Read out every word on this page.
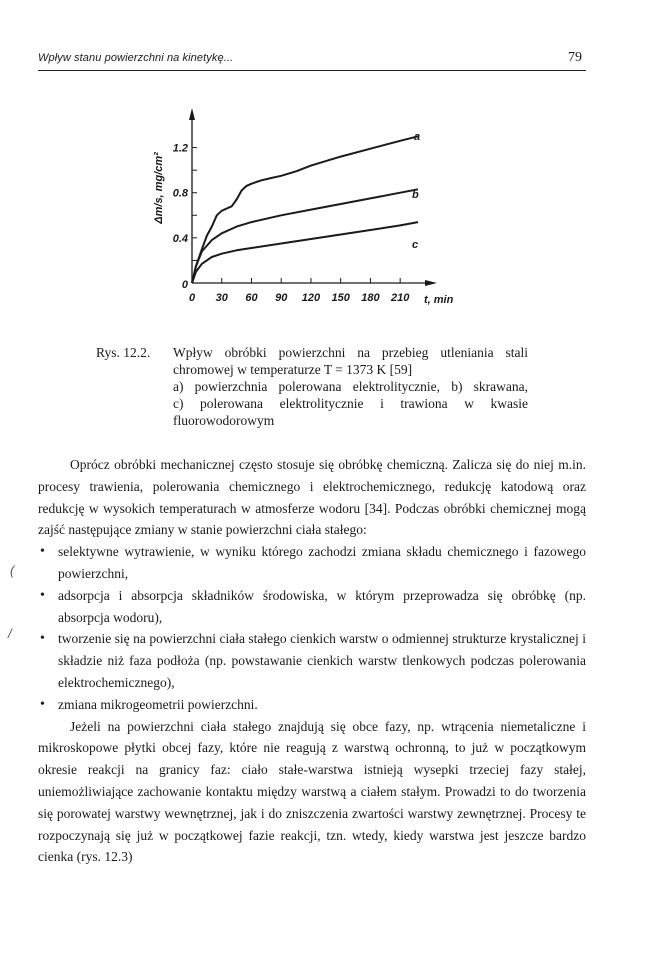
Wpływ stanu powierzchni na kinetykę...	79
0 30 60 90 120 150 180 210
0
0.4
0.8
1.2
Δm/s, mg/cm²
t, min
a
b
c
Rys. 12.2. Wpływ obróbki powierzchni na przebieg utleniania stali
chromowej w temperaturze T = 1373 K [59]
a) powierzchnia polerowana elektrolitycznie, b) skrawana,
c) polerowana elektrolitycznie i trawiona w kwasie
fluorowodorowym

Oprócz obróbki mechanicznej często stosuje się obróbkę chemiczną. Zalicza się do niej m.in. procesy trawienia, polerowania chemicznego i elektrochemicznego, redukcję katodową oraz redukcję w wysokich temperaturach w atmosferze wodoru [34]. Podczas obróbki chemicznej mogą zajść następujące zmiany w stanie powierzchni ciała stałego:

• selektywne wytrawienie, w wyniku którego zachodzi zmiana składu chemicznego i fazowego powierzchni,
• adsorpcja i absorpcja składników środowiska, w którym przeprowadza się obróbkę (np. absorpcja wodoru),
• tworzenie się na powierzchni ciała stałego cienkich warstw o odmiennej strukturze krystalicznej i składzie niż faza podłoża (np. powstawanie cienkich warstw tlenkowych podczas polerowania elektrochemicznego),
• zmiana mikrogeometrii powierzchni.

Jeżeli na powierzchni ciała stałego znajdują się obce fazy, np. wtrącenia niemetaliczne i mikroskopowe płytki obcej fazy, które nie reagują z warstwą ochronną, to już w początkowym okresie reakcji na granicy faz: ciało stałe-warstwa istnieją wysepki trzeciej fazy stałej, uniemożliwiające zachowanie kontaktu między warstwą a ciałem stałym. Prowadzi to do tworzenia się porowatej warstwy wewnętrznej, jak i do zniszczenia zwartości warstwy zewnętrznej. Procesy te rozpoczynają się już w początkowej fazie reakcji, tzn. wtedy, kiedy warstwa jest jeszcze bardzo cienka (rys. 12.3)

(
/
